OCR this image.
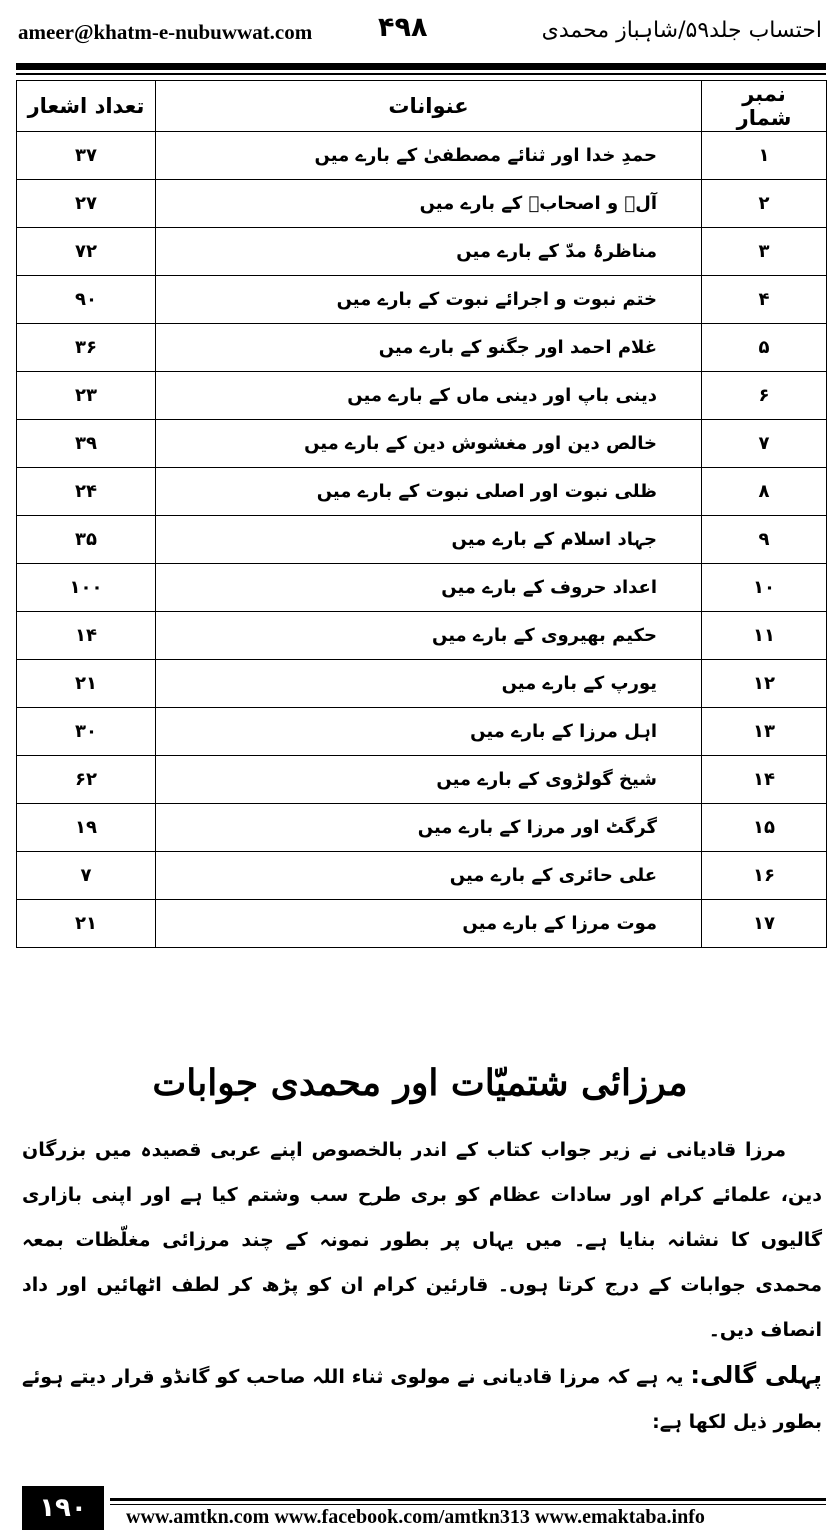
ameer@khatm-e-nubuwwat.com ۴۹۸	احتساب جلد۵۹/شاہباز محمدی
نمبر شمار	عنوانات	تعداد اشعار
۱	حمدِ خدا اور ثنائے مصطفیٰ کے بارے میں	۳۷
۲	آلؓ و اصحابؓ کے بارے میں	۲۷
۳	مناظرۂ مدّ کے بارے میں	۷۲
۴	ختم نبوت و اجرائے نبوت کے بارے میں	۹۰
۵	غلام احمد اور جگنو کے بارے میں	۳۶
۶	دینی باپ اور دینی ماں کے بارے میں	۲۳
۷	خالص دین اور مغشوش دین کے بارے میں	۳۹
۸	ظلی نبوت اور اصلی نبوت کے بارے میں	۲۴
۹	جہاد اسلام کے بارے میں	۳۵
۱۰	اعداد حروف کے بارے میں	۱۰۰
۱۱	حکیم بھیروی کے بارے میں	۱۴
۱۲	یورپ کے بارے میں	۲۱
۱۳	اہل مرزا کے بارے میں	۳۰
۱۴	شیخ گولڑوی کے بارے میں	۶۲
۱۵	گرگٹ اور مرزا کے بارے میں	۱۹
۱۶	علی حائری کے بارے میں	۷
۱۷	موت مرزا کے بارے میں	۲۱
مرزائی شتمیّات اور محمدی جوابات

مرزا قادیانی نے زیر جواب کتاب کے اندر بالخصوص اپنے عربی قصیدہ میں بزرگان دین، علمائے کرام اور سادات عظام کو بری طرح سب وشتم کیا ہے اور اپنی بازاری گالیوں کا نشانہ بنایا ہے۔ میں یہاں پر بطور نمونہ کے چند مرزائی مغلّظات بمعہ محمدی جوابات کے درج کرتا ہوں۔ قارئین کرام ان کو پڑھ کر لطف اٹھائیں اور داد انصاف دیں۔

پہلی گالی: یہ ہے کہ مرزا قادیانی نے مولوی ثناء اللہ صاحب کو گانڈو قرار دیتے ہوئے بطور ذیل لکھا ہے:

۱۹۰	www.amtkn.com www.facebook.com/amtkn313 www.emaktaba.info
